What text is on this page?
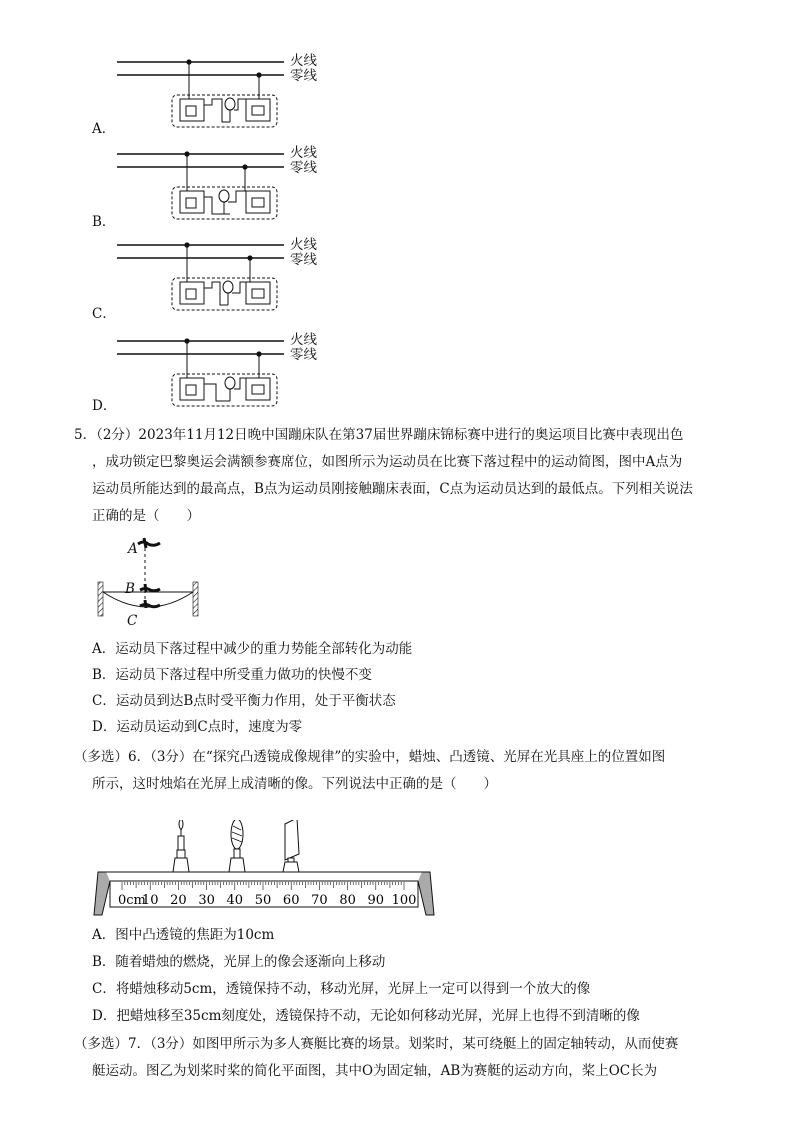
火线
零线
火线
零线
火线
零线
火线
零线
A．
B．
C．
D．
5．（2分）2023年11月12日晚中国蹦床队在第37届世界蹦床锦标赛中进行的奥运项目比赛中表现出色
，成功锁定巴黎奥运会满额参赛席位，如图所示为运动员在比赛下落过程中的运动简图，图中A点为
运动员所能达到的最高点，B点为运动员刚接触蹦床表面，C点为运动员达到的最低点。下列相关说法
正确的是（　　）
A
B
C
A．运动员下落过程中减少的重力势能全部转化为动能
B．运动员下落过程中所受重力做功的快慢不变
C．运动员到达B点时受平衡力作用，处于平衡状态
D．运动员运动到C点时，速度为零
（多选）6．（3分）在“探究凸透镜成像规律”的实验中，蜡烛、凸透镜、光屏在光具座上的位置如图
所示，这时烛焰在光屏上成清晰的像。下列说法中正确的是（　　）
0cm
10 20 30 40 50 60 70 80 90 100
A．图中凸透镜的焦距为10cm
B．随着蜡烛的燃烧，光屏上的像会逐渐向上移动
C．将蜡烛移动5cm，透镜保持不动，移动光屏，光屏上一定可以得到一个放大的像
D．把蜡烛移至35cm刻度处，透镜保持不动，无论如何移动光屏，光屏上也得不到清晰的像
（多选）7．（3分）如图甲所示为多人赛艇比赛的场景。划桨时，某可绕艇上的固定轴转动，从而使赛
艇运动。图乙为划桨时桨的简化平面图，其中O为固定轴，AB为赛艇的运动方向，桨上OC长为
